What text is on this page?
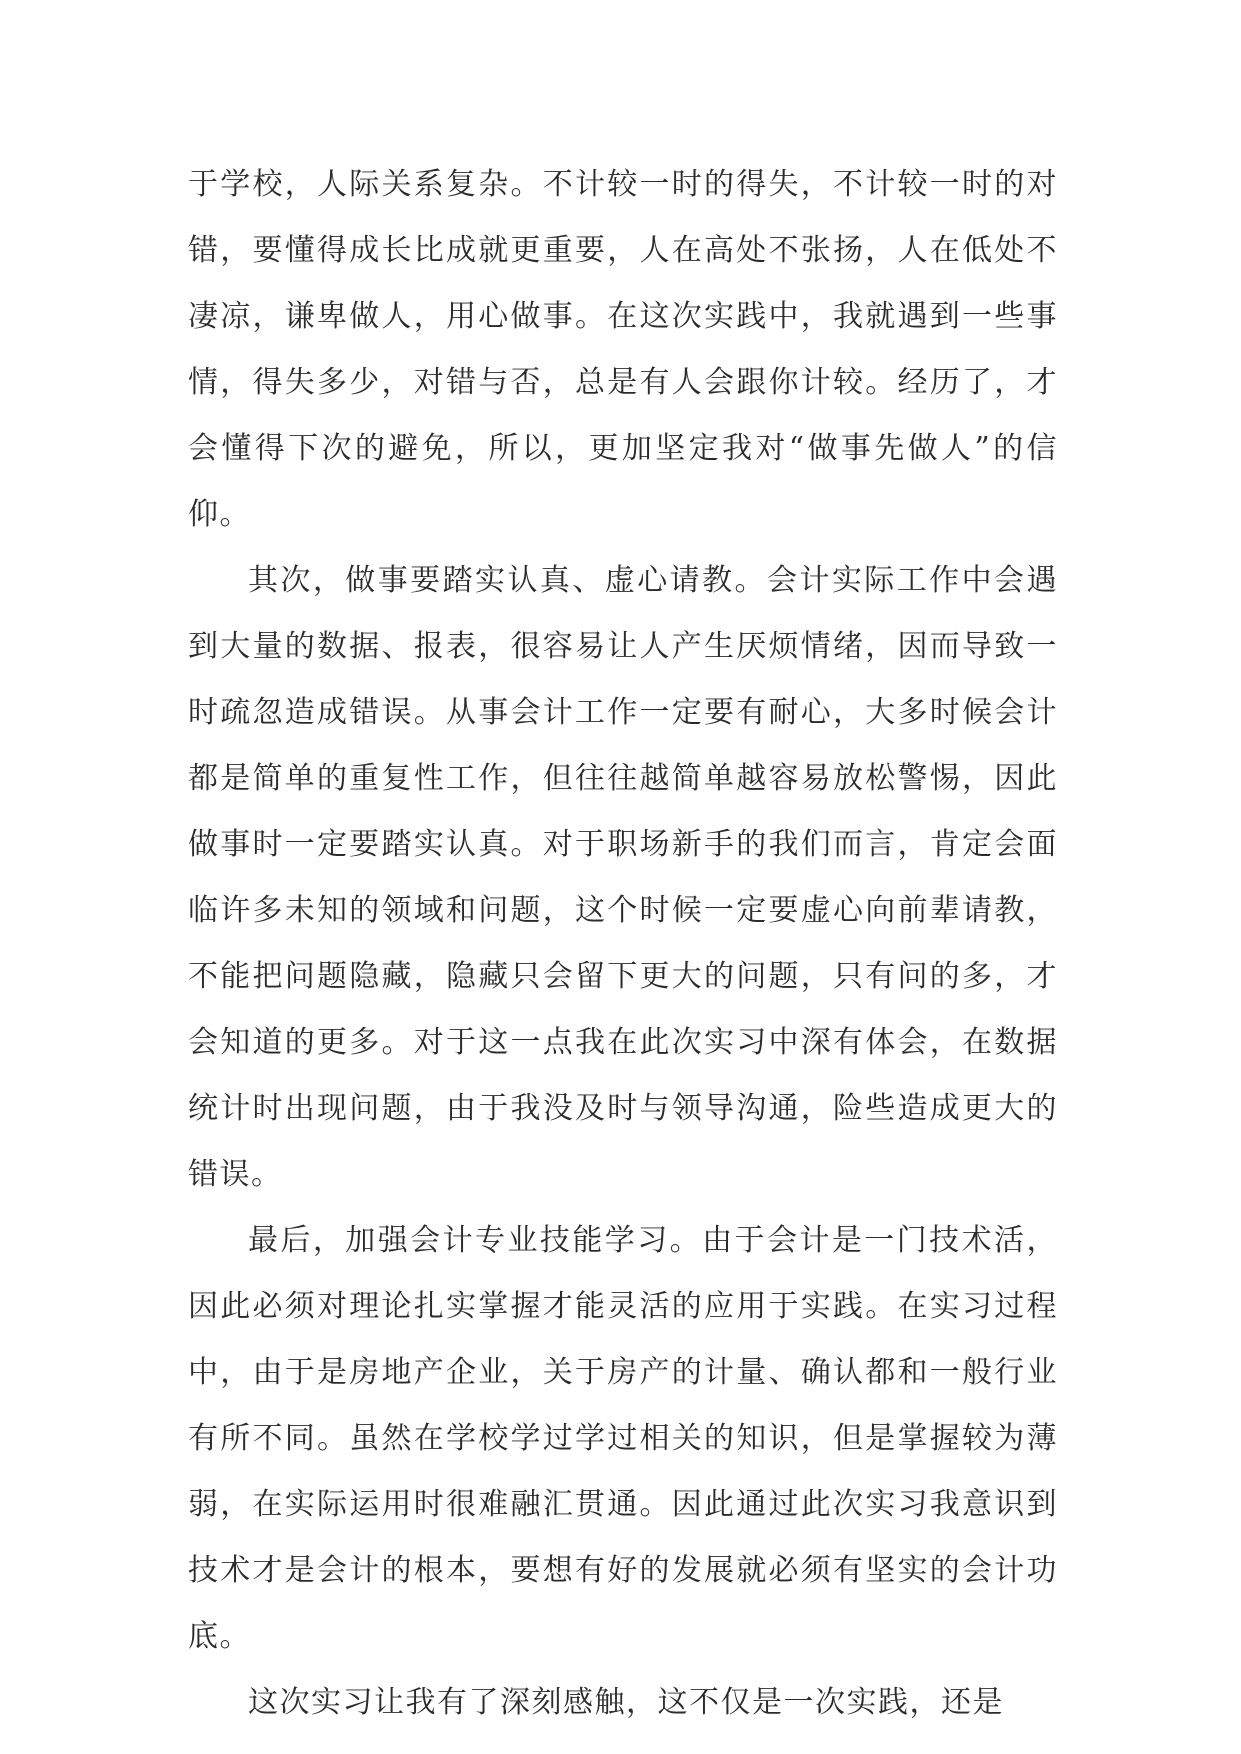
于学校，人际关系复杂。不计较一时的得失，不计较一时的对错，要懂得成长比成就更重要，人在高处不张扬，人在低处不凄凉，谦卑做人，用心做事。在这次实践中，我就遇到一些事情，得失多少，对错与否，总是有人会跟你计较。经历了，才会懂得下次的避免，所以，更加坚定我对“做事先做人”的信仰。

其次，做事要踏实认真、虚心请教。会计实际工作中会遇到大量的数据、报表，很容易让人产生厌烦情绪，因而导致一时疏忽造成错误。从事会计工作一定要有耐心，大多时候会计都是简单的重复性工作，但往往越简单越容易放松警惕，因此做事时一定要踏实认真。对于职场新手的我们而言，肯定会面临许多未知的领域和问题，这个时候一定要虚心向前辈请教，不能把问题隐藏，隐藏只会留下更大的问题，只有问的多，才会知道的更多。对于这一点我在此次实习中深有体会，在数据统计时出现问题，由于我没及时与领导沟通，险些造成更大的错误。

最后，加强会计专业技能学习。由于会计是一门技术活，因此必须对理论扎实掌握才能灵活的应用于实践。在实习过程中，由于是房地产企业，关于房产的计量、确认都和一般行业有所不同。虽然在学校学过学过相关的知识，但是掌握较为薄弱，在实际运用时很难融汇贯通。因此通过此次实习我意识到技术才是会计的根本，要想有好的发展就必须有坚实的会计功底。

这次实习让我有了深刻感触，这不仅是一次实践，还是
